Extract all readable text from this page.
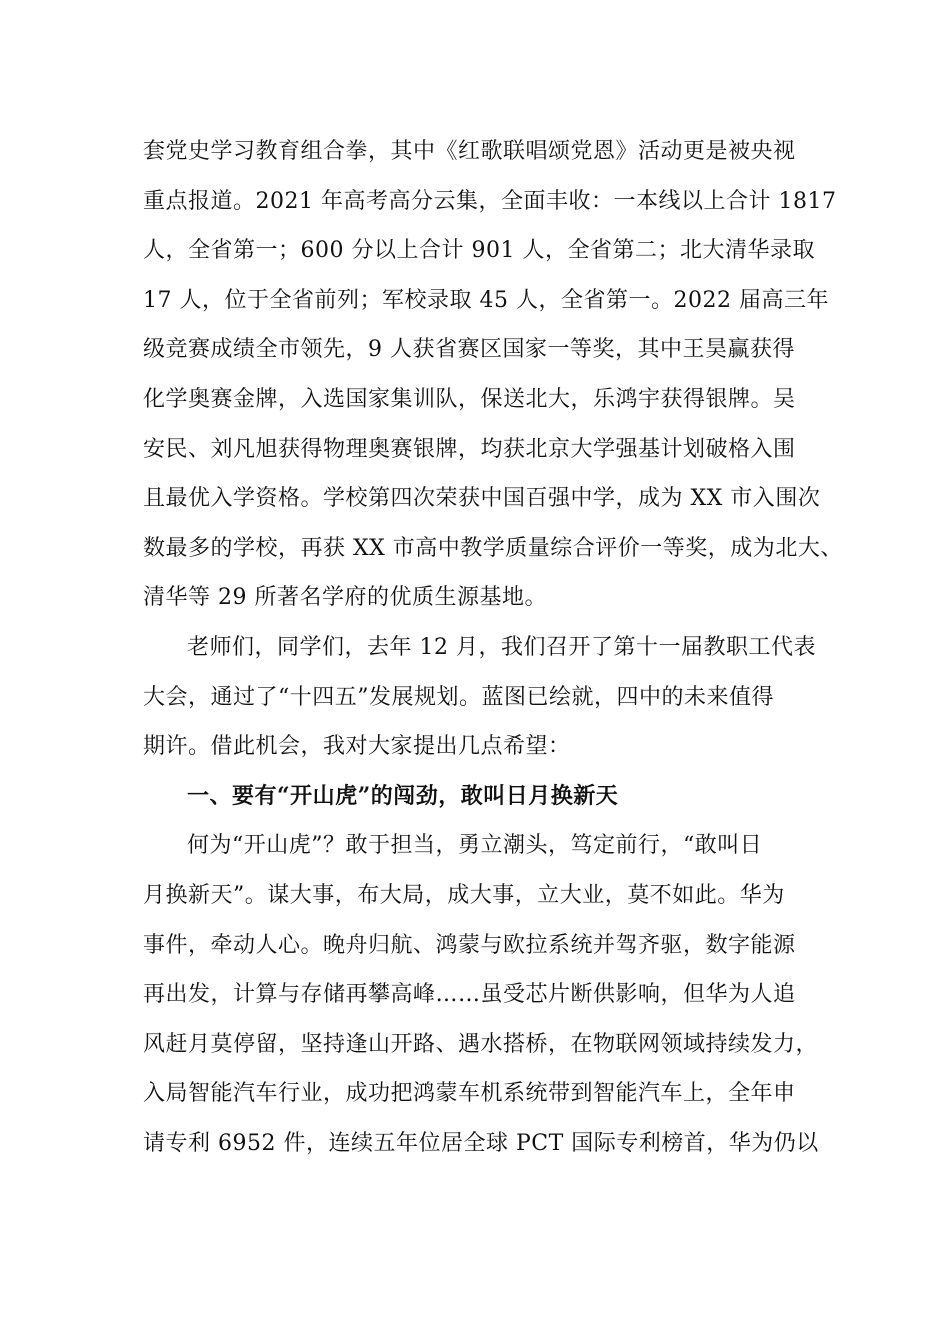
套党史学习教育组合拳，其中《红歌联唱颂党恩》活动更是被央视
重点报道。2021 年高考高分云集，全面丰收：一本线以上合计 1817
人，全省第一；600 分以上合计 901 人，全省第二；北大清华录取
17 人，位于全省前列；军校录取 45 人，全省第一。2022 届高三年
级竞赛成绩全市领先，9 人获省赛区国家一等奖，其中王昊赢获得
化学奥赛金牌，入选国家集训队，保送北大，乐鸿宇获得银牌。吴
安民、刘凡旭获得物理奥赛银牌，均获北京大学强基计划破格入围
且最优入学资格。学校第四次荣获中国百强中学，成为 XX 市入围次
数最多的学校，再获 XX 市高中教学质量综合评价一等奖，成为北大、
清华等 29 所著名学府的优质生源基地。
老师们，同学们，去年 12 月，我们召开了第十一届教职工代表
大会，通过了“十四五”发展规划。蓝图已绘就，四中的未来值得
期许。借此机会，我对大家提出几点希望：
一、要有“开山虎”的闯劲，敢叫日月换新天
何为“开山虎”？敢于担当，勇立潮头，笃定前行，“敢叫日
月换新天”。谋大事，布大局，成大事，立大业，莫不如此。华为
事件，牵动人心。晚舟归航、鸿蒙与欧拉系统并驾齐驱，数字能源
再出发，计算与存储再攀高峰……虽受芯片断供影响，但华为人追
风赶月莫停留，坚持逢山开路、遇水搭桥，在物联网领域持续发力，
入局智能汽车行业，成功把鸿蒙车机系统带到智能汽车上，全年申
请专利 6952 件，连续五年位居全球 PCT 国际专利榜首，华为仍以
